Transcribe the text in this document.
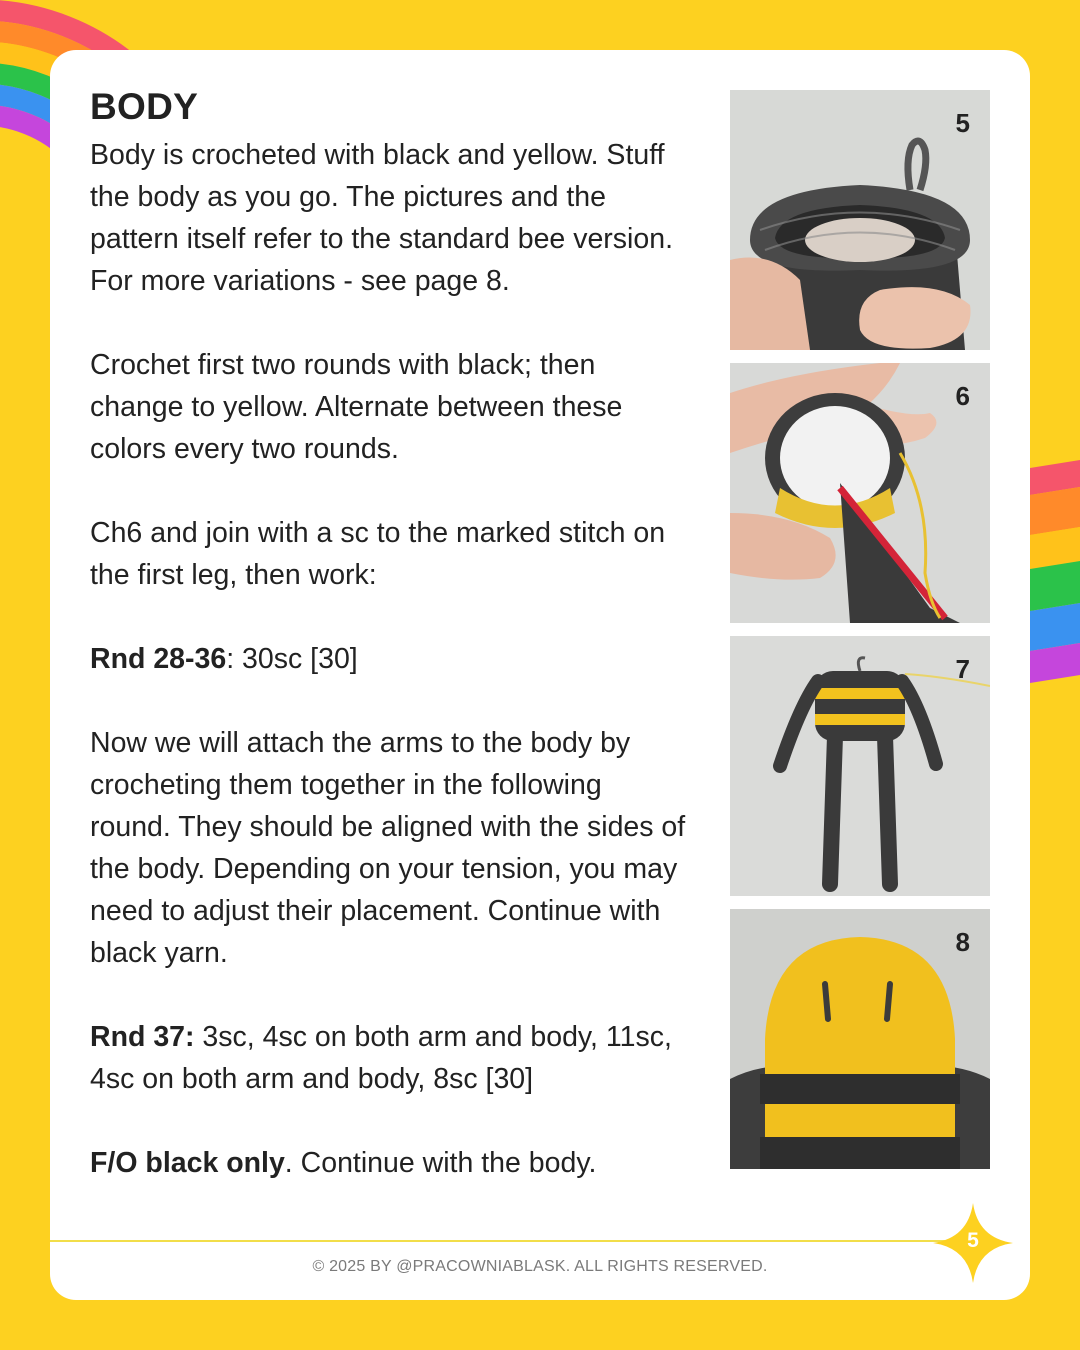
BODY

Body is crocheted with black and yellow. Stuff the body as you go. The pictures and the pattern itself refer to the standard bee version. For more variations - see page 8.

Crochet first two rounds with black; then change to yellow. Alternate between these colors every two rounds.

Ch6 and join with a sc to the marked stitch on the first leg, then work:

Rnd 28-36: 30sc [30]

Now we will attach the arms to the body by crocheting them together in the following round. They should be aligned with the sides of the body. Depending on your tension, you may need to adjust their placement. Continue with black yarn.

Rnd 37: 3sc, 4sc on both arm and body, 11sc, 4sc on both arm and body, 8sc [30]

F/O black only. Continue with the body.

5
6
7
8
© 2025 BY @PRACOWNIABLASK. ALL RIGHTS RESERVED.
5
